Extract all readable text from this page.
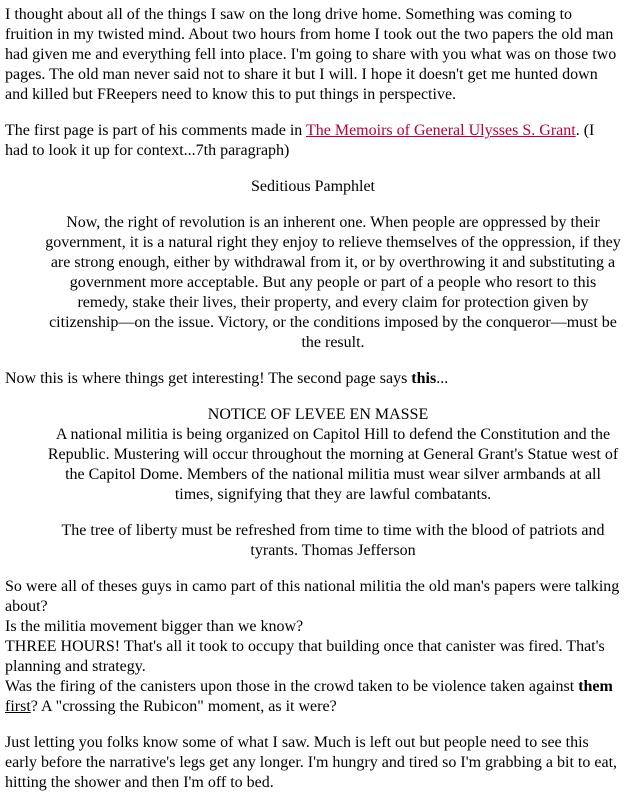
I thought about all of the things I saw on the long drive home. Something was coming to fruition in my twisted mind. About two hours from home I took out the two papers the old man had given me and everything fell into place. I'm going to share with you what was on those two pages. The old man never said not to share it but I will. I hope it doesn't get me hunted down and killed but FReepers need to know this to put things in perspective.

The first page is part of his comments made in The Memoirs of General Ulysses S. Grant. (I had to look it up for context...7th paragraph)

Seditious Pamphlet

Now, the right of revolution is an inherent one. When people are oppressed by their government, it is a natural right they enjoy to relieve themselves of the oppression, if they are strong enough, either by withdrawal from it, or by overthrowing it and substituting a government more acceptable. But any people or part of a people who resort to this remedy, stake their lives, their property, and every claim for protection given by citizenship—on the issue. Victory, or the conditions imposed by the conqueror—must be the result.

Now this is where things get interesting! The second page says this...

NOTICE OF LEVEE EN MASSE
A national militia is being organized on Capitol Hill to defend the Constitution and the Republic. Mustering will occur throughout the morning at General Grant's Statue west of the Capitol Dome. Members of the national militia must wear silver armbands at all times, signifying that they are lawful combatants.

The tree of liberty must be refreshed from time to time with the blood of patriots and tyrants. Thomas Jefferson

So were all of theses guys in camo part of this national militia the old man's papers were talking about?
Is the militia movement bigger than we know?
THREE HOURS! That's all it took to occupy that building once that canister was fired. That's planning and strategy.
Was the firing of the canisters upon those in the crowd taken to be violence taken against them first? A "crossing the Rubicon" moment, as it were?

Just letting you folks know some of what I saw. Much is left out but people need to see this early before the narrative's legs get any longer. I'm hungry and tired so I'm grabbing a bit to eat, hitting the shower and then I'm off to bed.
